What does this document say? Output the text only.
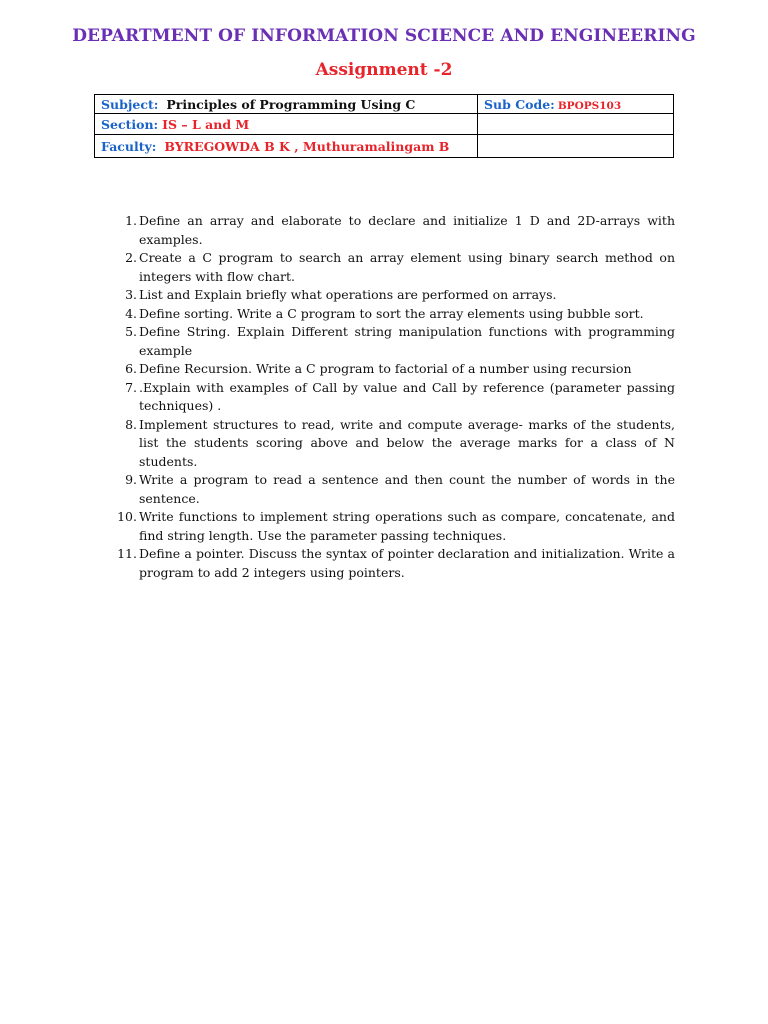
DEPARTMENT OF INFORMATION SCIENCE AND ENGINEERING
Assignment -2
Subject: Principles of Programming Using C	Sub Code: BPOPS103
Section: IS – L and M	
Faculty: BYREGOWDA B K , Muthuramalingam B	
1. Define an array and elaborate to declare and initialize 1 D and 2D-arrays with examples.
2. Create a C program to search an array element using binary search method on integers with flow chart.
3. List and Explain briefly what operations are performed on arrays.
4. Define sorting. Write a C program to sort the array elements using bubble sort.
5. Define String. Explain Different string manipulation functions with programming example
6. Define Recursion. Write a C program to factorial of a number using recursion
7. .Explain with examples of Call by value and Call by reference (parameter passing techniques) .
8. Implement structures to read, write and compute average- marks of the students, list the students scoring above and below the average marks for a class of N students.
9. Write a program to read a sentence and then count the number of words in the sentence.
10. Write functions to implement string operations such as compare, concatenate, and find string length. Use the parameter passing techniques.
11. Define a pointer. Discuss the syntax of pointer declaration and initialization. Write a program to add 2 integers using pointers.
